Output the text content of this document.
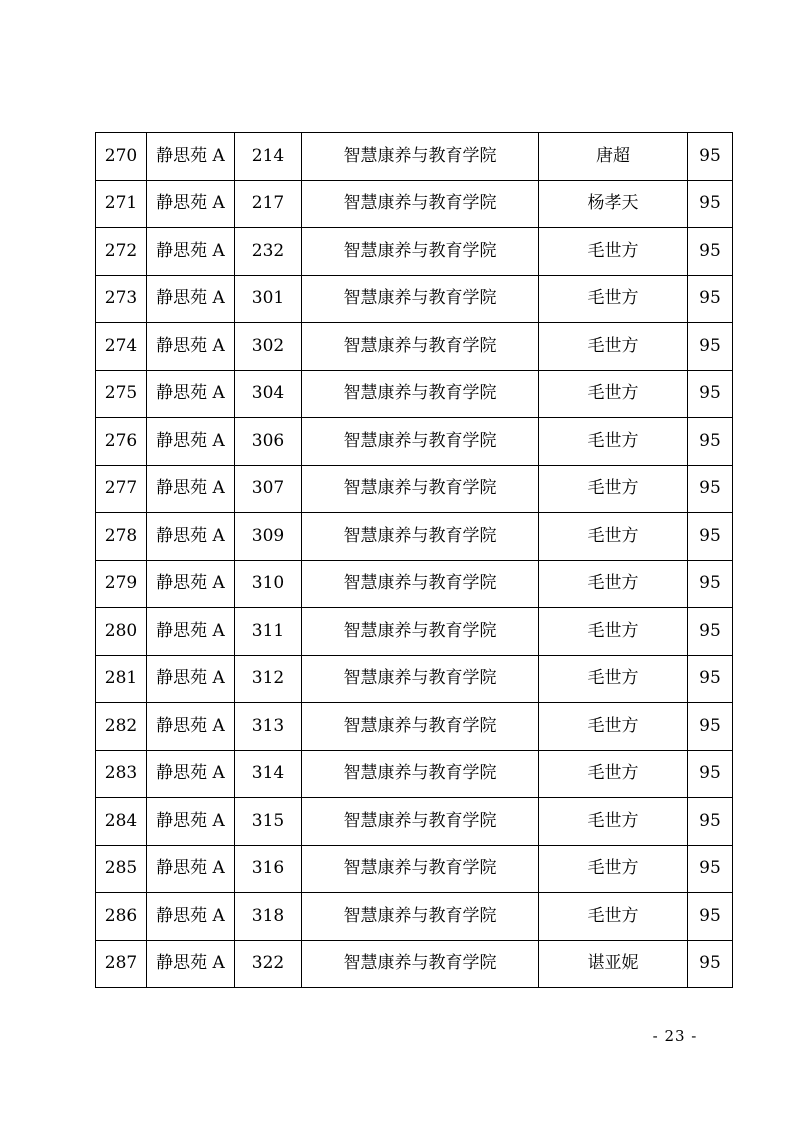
270	静思苑 A	214	智慧康养与教育学院	唐超	95
271	静思苑 A	217	智慧康养与教育学院	杨孝天	95
272	静思苑 A	232	智慧康养与教育学院	毛世方	95
273	静思苑 A	301	智慧康养与教育学院	毛世方	95
274	静思苑 A	302	智慧康养与教育学院	毛世方	95
275	静思苑 A	304	智慧康养与教育学院	毛世方	95
276	静思苑 A	306	智慧康养与教育学院	毛世方	95
277	静思苑 A	307	智慧康养与教育学院	毛世方	95
278	静思苑 A	309	智慧康养与教育学院	毛世方	95
279	静思苑 A	310	智慧康养与教育学院	毛世方	95
280	静思苑 A	311	智慧康养与教育学院	毛世方	95
281	静思苑 A	312	智慧康养与教育学院	毛世方	95
282	静思苑 A	313	智慧康养与教育学院	毛世方	95
283	静思苑 A	314	智慧康养与教育学院	毛世方	95
284	静思苑 A	315	智慧康养与教育学院	毛世方	95
285	静思苑 A	316	智慧康养与教育学院	毛世方	95
286	静思苑 A	318	智慧康养与教育学院	毛世方	95
287	静思苑 A	322	智慧康养与教育学院	谌亚妮	95
- 23 -
